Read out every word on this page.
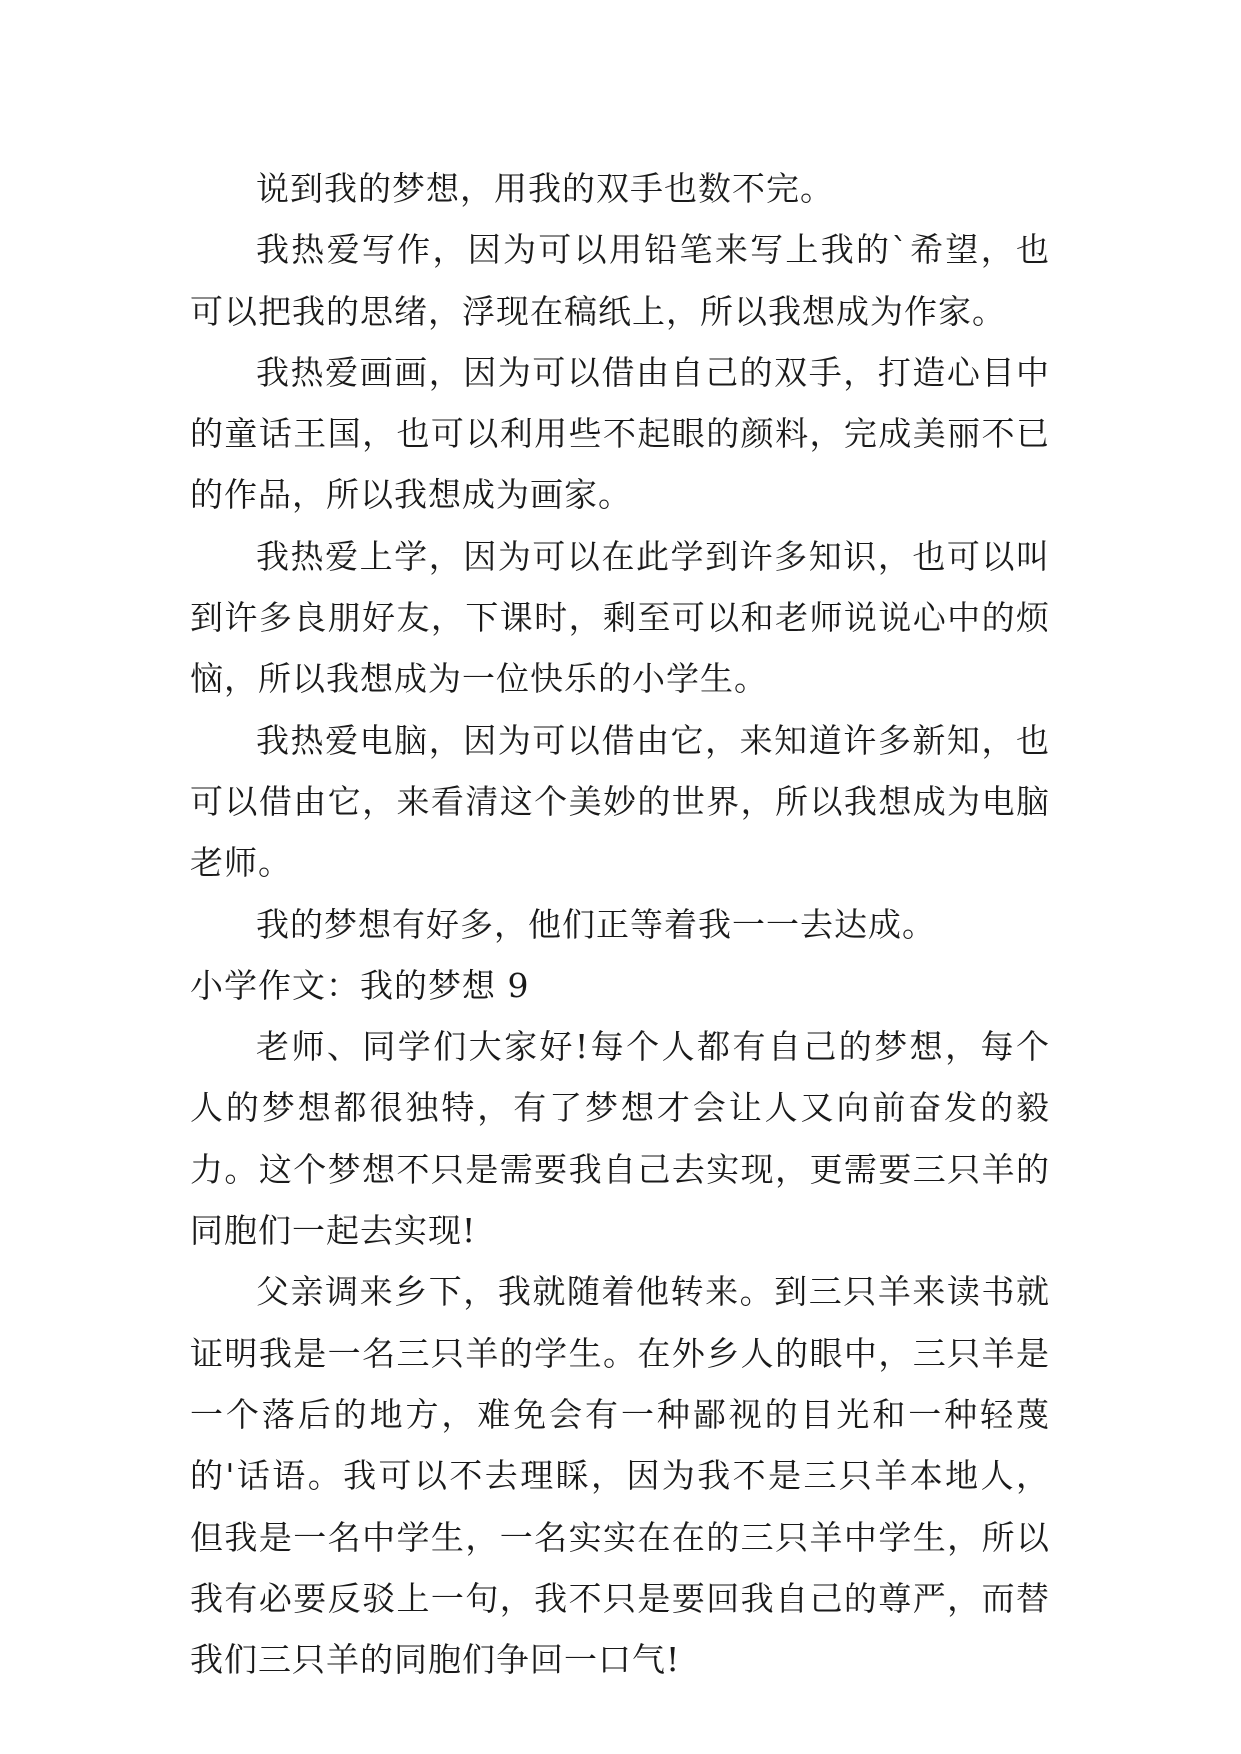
说到我的梦想，用我的双手也数不完。

我热爱写作，因为可以用铅笔来写上我的`希望，也可以把我的思绪，浮现在稿纸上，所以我想成为作家。

我热爱画画，因为可以借由自己的双手，打造心目中的童话王国，也可以利用些不起眼的颜料，完成美丽不已的作品，所以我想成为画家。

我热爱上学，因为可以在此学到许多知识，也可以叫到许多良朋好友，下课时，剩至可以和老师说说心中的烦恼，所以我想成为一位快乐的小学生。

我热爱电脑，因为可以借由它，来知道许多新知，也可以借由它，来看清这个美妙的世界，所以我想成为电脑老师。

我的梦想有好多，他们正等着我一一去达成。

小学作文：我的梦想 9

老师、同学们大家好!每个人都有自己的梦想，每个人的梦想都很独特，有了梦想才会让人又向前奋发的毅力。这个梦想不只是需要我自己去实现，更需要三只羊的同胞们一起去实现!

父亲调来乡下，我就随着他转来。到三只羊来读书就证明我是一名三只羊的学生。在外乡人的眼中，三只羊是一个落后的地方，难免会有一种鄙视的目光和一种轻蔑的'话语。我可以不去理睬，因为我不是三只羊本地人，但我是一名中学生，一名实实在在的三只羊中学生，所以我有必要反驳上一句，我不只是要回我自己的尊严，而替我们三只羊的同胞们争回一口气!
